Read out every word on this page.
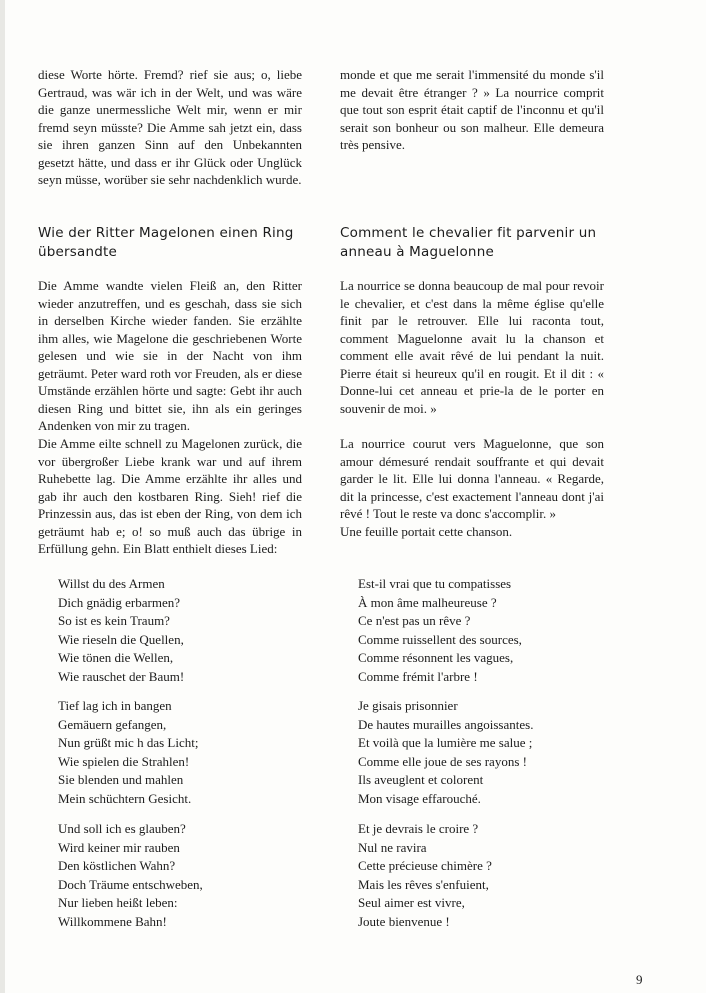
diese Worte hörte. Fremd? rief sie aus; o, liebe Gertraud, was wär ich in der Welt, und was wäre die ganze unermessliche Welt mir, wenn er mir fremd seyn müsste? Die Amme sah jetzt ein, dass sie ihren ganzen Sinn auf den Unbekannten gesetzt hätte, und dass er ihr Glück oder Unglück seyn müsse, worüber sie sehr nachdenklich wurde.

Wie der Ritter Magelonen einen Ring
übersandte

Die Amme wandte vielen Fleiß an, den Ritter wieder anzutreffen, und es geschah, dass sie sich in derselben Kirche wieder fanden. Sie erzählte ihm alles, wie Magelone die geschriebenen Worte gelesen und wie sie in der Nacht von ihm geträumt. Peter ward roth vor Freuden, als er diese Umstände erzählen hörte und sagte: Gebt ihr auch diesen Ring und bittet sie, ihn als ein geringes Andenken von mir zu tragen.

Die Amme eilte schnell zu Magelonen zurück, die vor übergroßer Liebe krank war und auf ihrem Ruhebette lag. Die Amme erzählte ihr alles und gab ihr auch den kostbaren Ring. Sieh! rief die Prinzessin aus, das ist eben der Ring, von dem ich geträumt hab e; o! so muß auch das übrige in Erfüllung gehn. Ein Blatt enthielt dieses Lied:

Willst du des Armen
Dich gnädig erbarmen?
So ist es kein Traum?
Wie rieseln die Quellen,
Wie tönen die Wellen,
Wie rauschet der Baum!
Tief lag ich in bangen
Gemäuern gefangen,
Nun grüßt mic h das Licht;
Wie spielen die Strahlen!
Sie blenden und mahlen
Mein schüchtern Gesicht.
Und soll ich es glauben?
Wird keiner mir rauben
Den köstlichen Wahn?
Doch Träume entschweben,
Nur lieben heißt leben:
Willkommene Bahn!

monde et que me serait l'immensité du monde s'il me devait être étranger ? » La nourrice comprit que tout son esprit était captif de l'inconnu et qu'il serait son bonheur ou son malheur. Elle demeura très pensive.

Comment le chevalier fit parvenir un
anneau à Maguelonne

La nourrice se donna beaucoup de mal pour revoir le chevalier, et c'est dans la même église qu'elle finit par le retrouver. Elle lui raconta tout, comment Maguelonne avait lu la chanson et comment elle avait rêvé de lui pendant la nuit. Pierre était si heureux qu'il en rougit. Et il dit : « Donne-lui cet anneau et prie-la de le porter en souvenir de moi. »

La nourrice courut vers Maguelonne, que son amour démesuré rendait souffrante et qui devait garder le lit. Elle lui donna l'anneau. « Regarde, dit la princesse, c'est exactement l'anneau dont j'ai rêvé ! Tout le reste va donc s'accomplir. »

Une feuille portait cette chanson.

Est-il vrai que tu compatisses
À mon âme malheureuse ?
Ce n'est pas un rêve ?
Comme ruissellent des sources,
Comme résonnent les vagues,
Comme frémit l'arbre !
Je gisais prisonnier
De hautes murailles angoissantes.
Et voilà que la lumière me salue ;
Comme elle joue de ses rayons !
Ils aveuglent et colorent
Mon visage effarouché.
Et je devrais le croire ?
Nul ne ravira
Cette précieuse chimère ?
Mais les rêves s'enfuient,
Seul aimer est vivre,
Joute bienvenue !
9
